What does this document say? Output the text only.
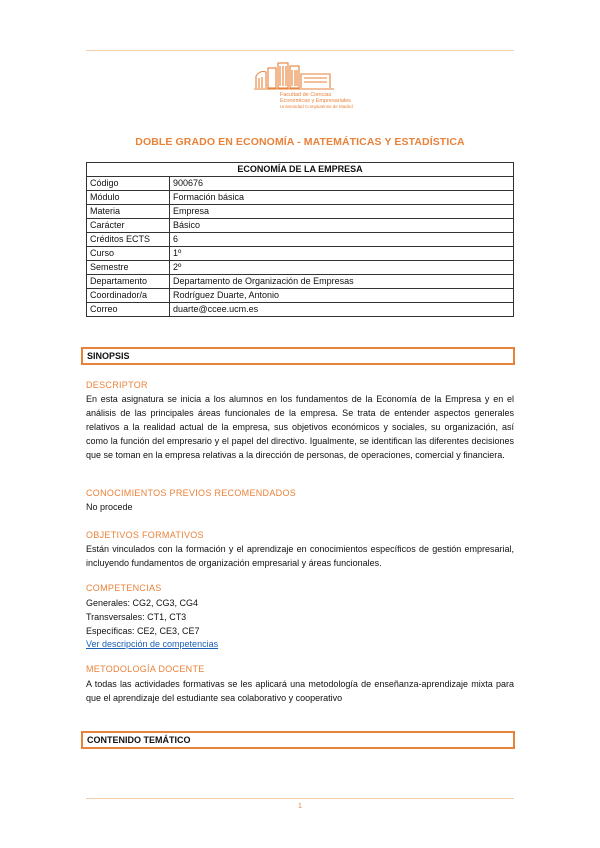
Facultad de Ciencias
Económicas y Empresariales
Universidad Complutense de Madrid
DOBLE GRADO EN ECONOMÍA - MATEMÁTICAS Y ESTADÍSTICA
ECONOMÍA DE LA EMPRESA	
Código	900676
Módulo	Formación básica
Materia	Empresa
Carácter	Básico
Créditos ECTS	6
Curso	1º
Semestre	2º
Departamento	Departamento de Organización de Empresas
Coordinador/a	Rodríguez Duarte, Antonio
Correo	duarte@ccee.ucm.es
SINOPSIS
DESCRIPTOR
En esta asignatura se inicia a los alumnos en los fundamentos de la Economía de la Empresa y en el análisis de las principales áreas funcionales de la empresa. Se trata de entender aspectos generales relativos a la realidad actual de la empresa, sus objetivos económicos y sociales, su organización, así como la función del empresario y el papel del directivo. Igualmente, se identifican las diferentes decisiones que se toman en la empresa relativas a la dirección de personas, de operaciones, comercial y financiera.
CONOCIMIENTOS PREVIOS RECOMENDADOS
No procede
OBJETIVOS FORMATIVOS
Están vinculados con la formación y el aprendizaje en conocimientos específicos de gestión empresarial, incluyendo fundamentos de organización empresarial y áreas funcionales.
COMPETENCIAS
Generales: CG2, CG3, CG4
Transversales: CT1, CT3
Específicas: CE2, CE3, CE7
Ver descripción de competencias
METODOLOGÍA DOCENTE
A todas las actividades formativas se les aplicará una metodología de enseñanza-aprendizaje mixta para que el aprendizaje del estudiante sea colaborativo y cooperativo
CONTENIDO TEMÁTICO
1
